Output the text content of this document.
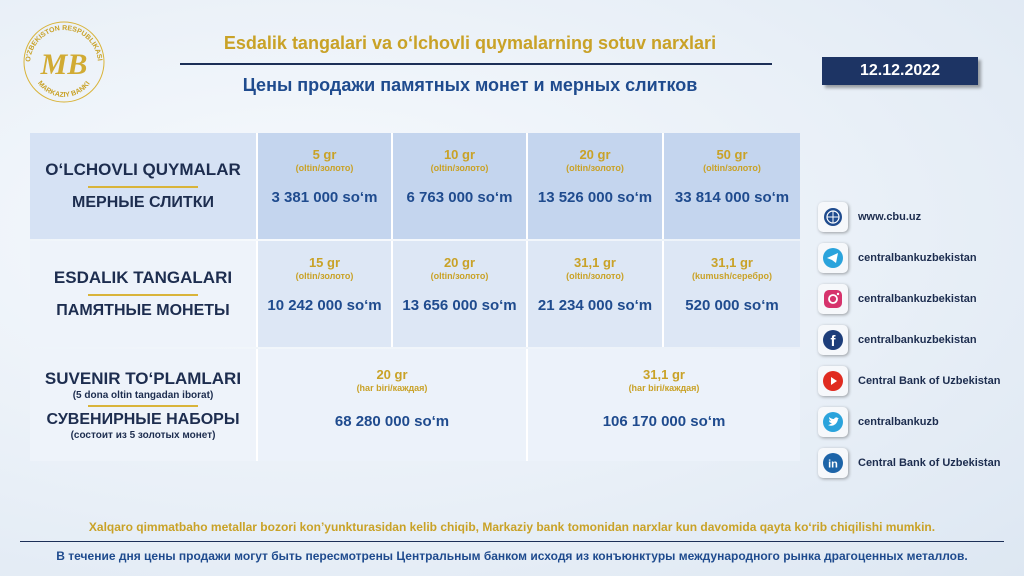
O'ZBEKISTON RESPUBLIKASI
MARKAZIY BANKI
MB
Esdalik tangalari va o‘lchovli quymalarning sotuv narxlari
Цены продажи памятных монет и мерных слитков
12.12.2022
O‘LCHOVLI QUYMALAR
МЕРНЫЕ СЛИТКИ
5 gr
(oltin/золото)
3 381 000 so‘m
10 gr
(oltin/золото)
6 763 000 so‘m
20 gr
(oltin/золото)
13 526 000 so‘m
50 gr
(oltin/золото)
33 814 000 so‘m
ESDALIK TANGALARI
ПАМЯТНЫЕ МОНЕТЫ
15 gr
(oltin/золото)
10 242 000 so‘m
20 gr
(oltin/золото)
13 656 000 so‘m
31,1 gr
(oltin/золото)
21 234 000 so‘m
31,1 gr
(kumush/серебро)
520 000 so‘m
SUVENIR TO‘PLAMLARI
(5 dona oltin tangadan iborat)
СУВЕНИРНЫЕ НАБОРЫ
(состоит из 5 золотых монет)
20 gr
(har biri/каждая)
68 280 000 so‘m
31,1 gr
(har biri/каждая)
106 170 000 so‘m
www.cbu.uz
centralbankuzbekistan
centralbankuzbekistan
f centralbankuzbekistan
Central Bank of Uzbekistan
centralbankuzb
in Central Bank of Uzbekistan
Xalqaro qimmatbaho metallar bozori kon’yunkturasidan kelib chiqib, Markaziy bank tomonidan narxlar kun davomida qayta ko‘rib chiqilishi mumkin.
В течение дня цены продажи могут быть пересмотрены Центральным банком исходя из конъюнктуры международного рынка драгоценных металлов.
